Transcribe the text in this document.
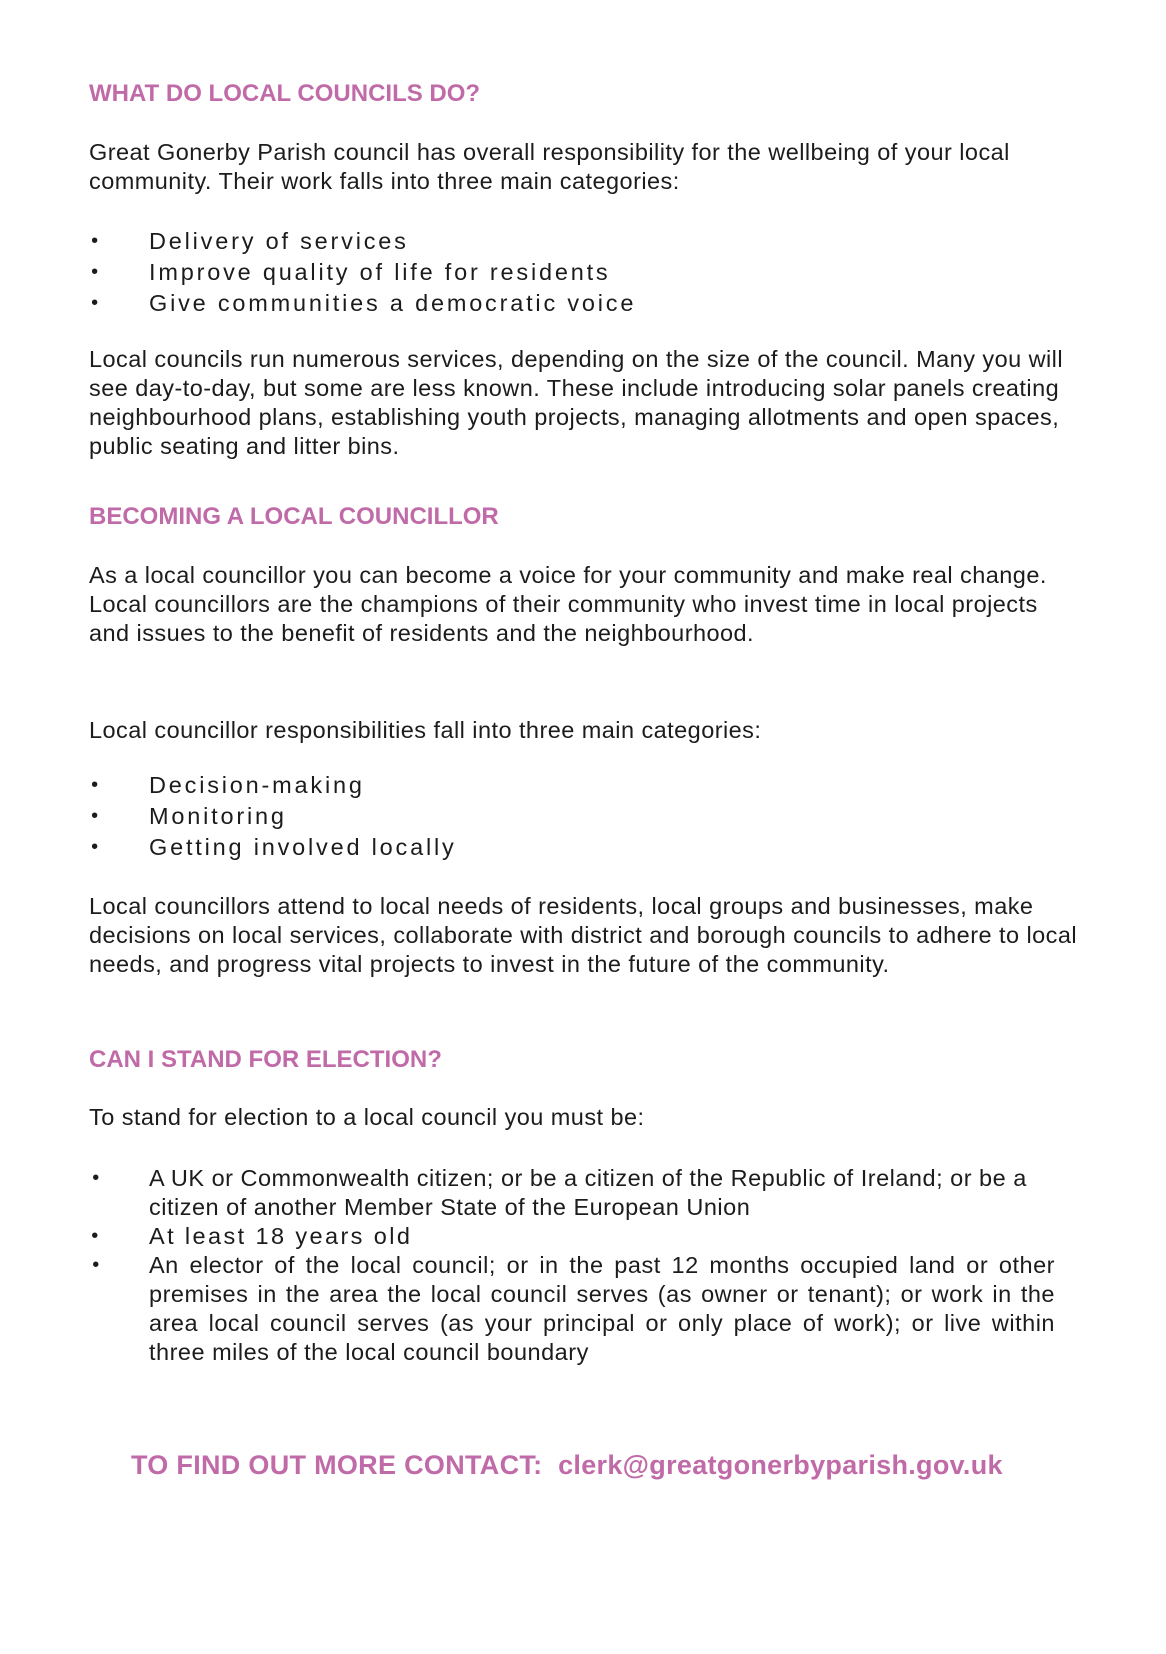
WHAT DO LOCAL COUNCILS DO?

Great Gonerby Parish council has overall responsibility for the wellbeing of your local community. Their work falls into three main categories:

• Delivery of services
• Improve quality of life for residents
• Give communities a democratic voice

Local councils run numerous services, depending on the size of the council. Many you will see day-to-day, but some are less known. These include introducing solar panels creating neighbourhood plans, establishing youth projects, managing allotments and open spaces, public seating and litter bins.

BECOMING A LOCAL COUNCILLOR

As a local councillor you can become a voice for your community and make real change. Local councillors are the champions of their community who invest time in local projects and issues to the benefit of residents and the neighbourhood.

Local councillor responsibilities fall into three main categories:

• Decision-making
• Monitoring
• Getting involved locally

Local councillors attend to local needs of residents, local groups and businesses, make decisions on local services, collaborate with district and borough councils to adhere to local needs, and progress vital projects to invest in the future of the community.

CAN I STAND FOR ELECTION?

To stand for election to a local council you must be:

• A UK or Commonwealth citizen; or be a citizen of the Republic of Ireland; or be a citizen of another Member State of the European Union
• At least 18 years old
• An elector of the local council; or in the past 12 months occupied land or other premises in the area the local council serves (as owner or tenant); or work in the area local council serves (as your principal or only place of work); or live within three miles of the local council boundary
TO FIND OUT MORE CONTACT: clerk@greatgonerbyparish.gov.uk
